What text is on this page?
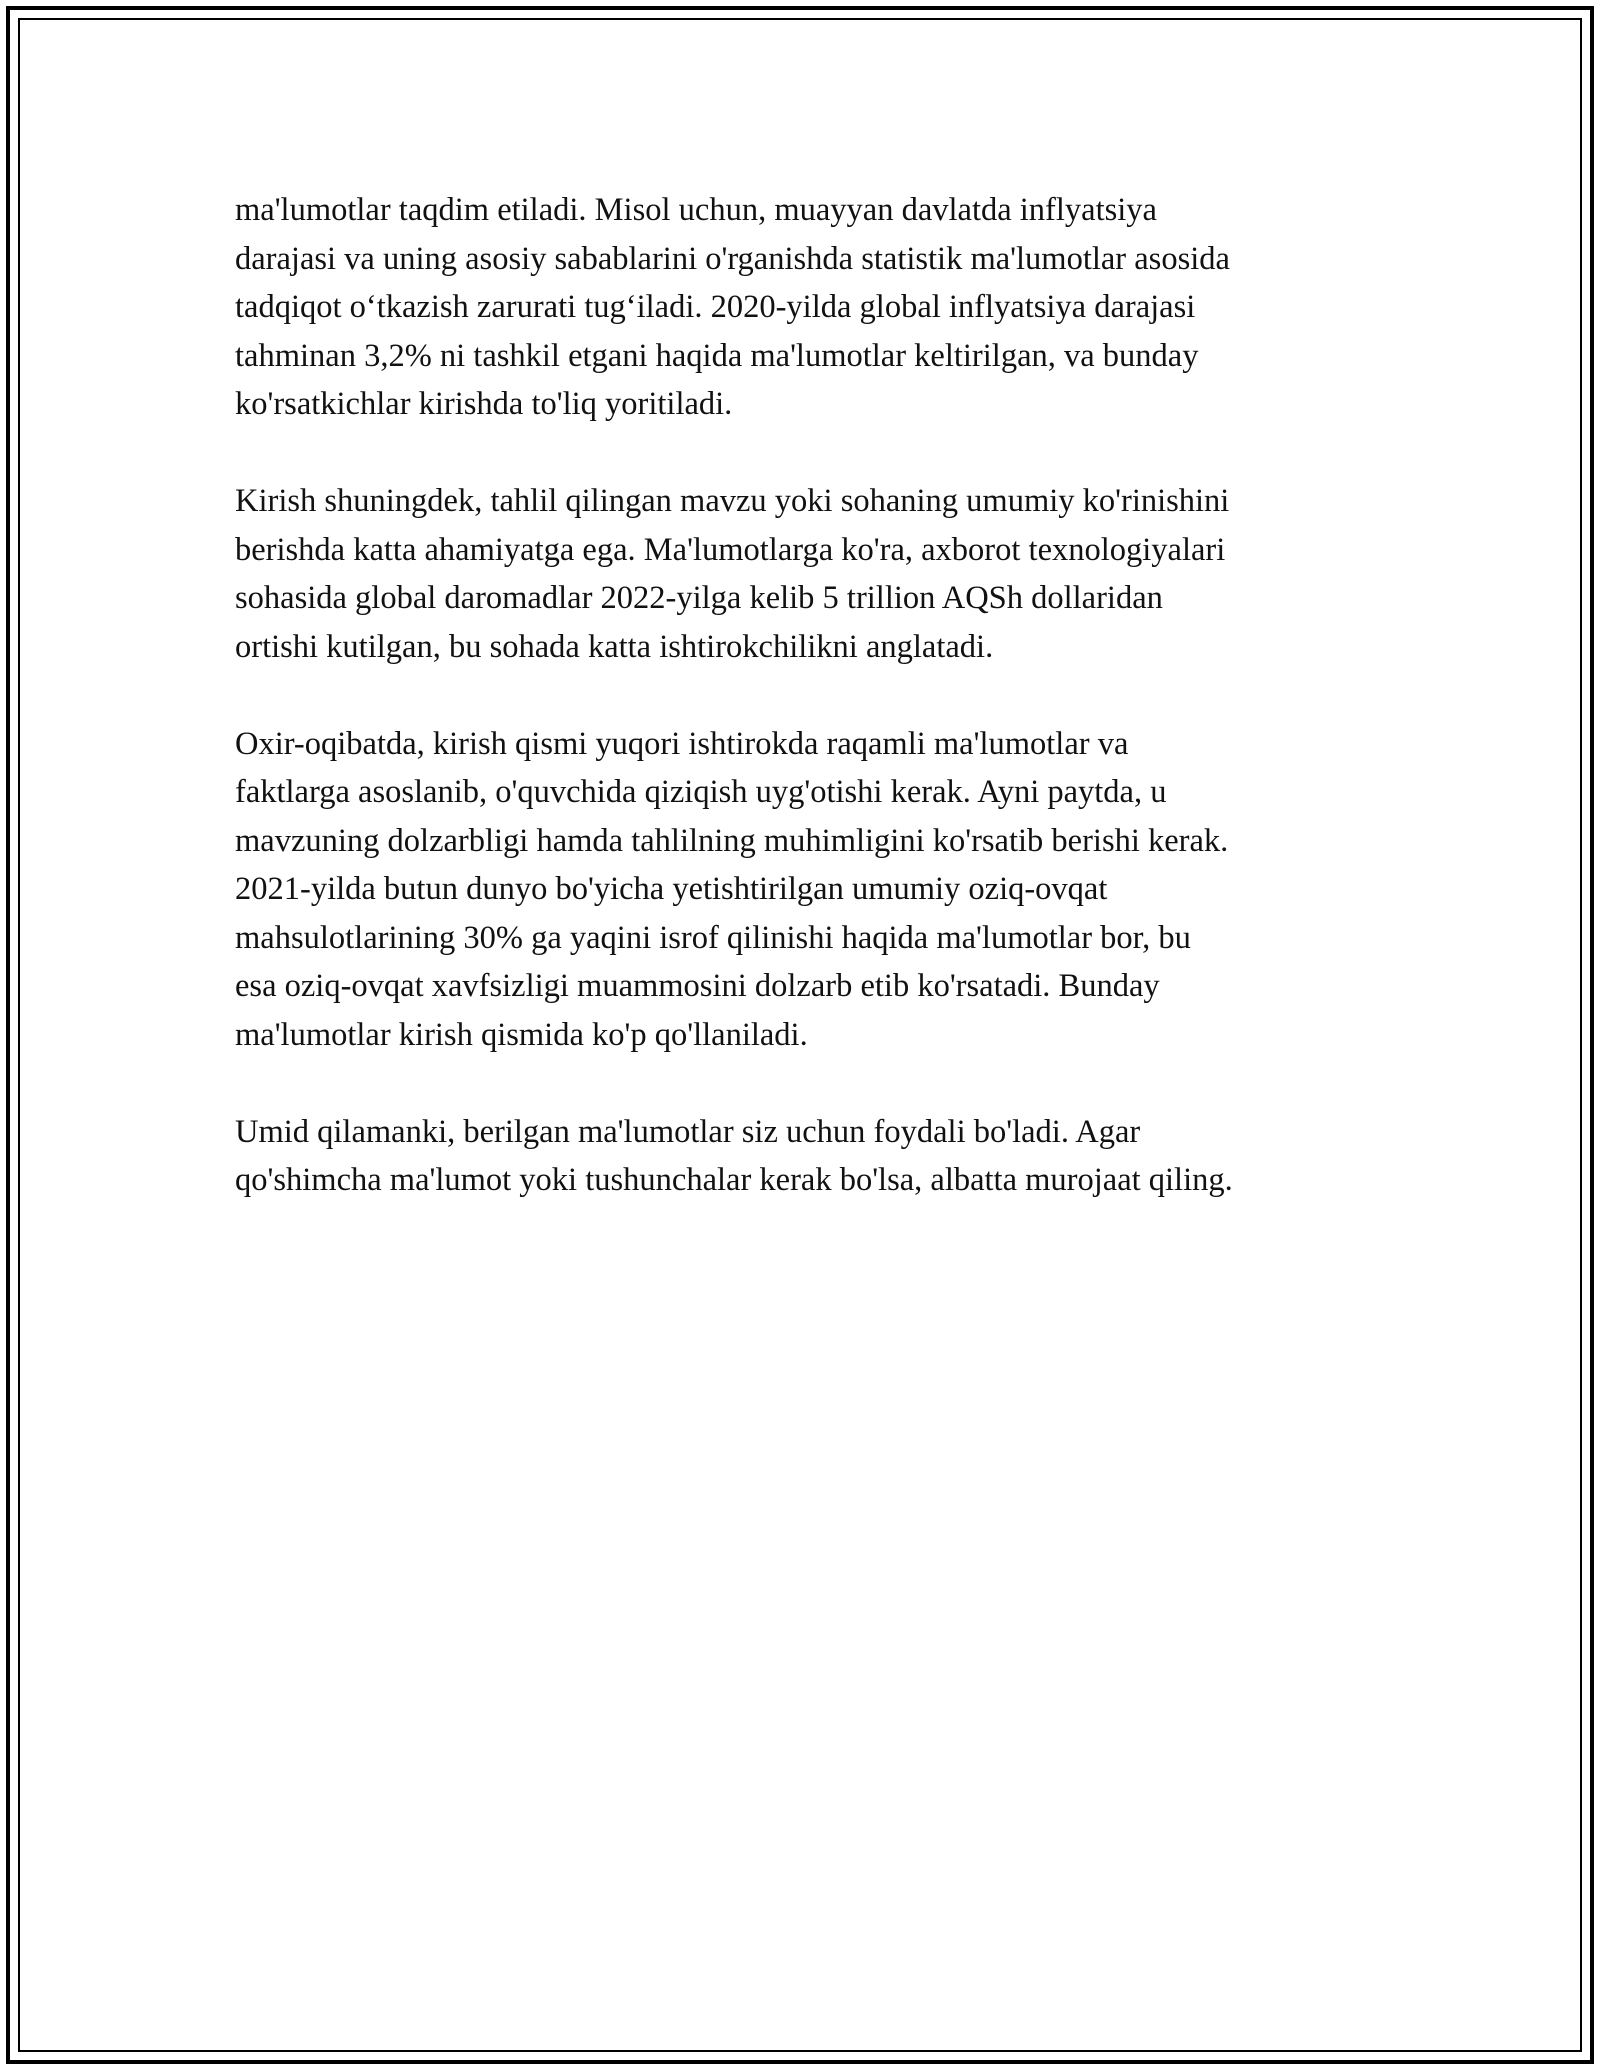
ma'lumotlar taqdim etiladi. Misol uchun, muayyan davlatda inflyatsiya
darajasi va uning asosiy sabablarini o'rganishda statistik ma'lumotlar asosida
tadqiqot o‘tkazish zarurati tug‘iladi. 2020-yilda global inflyatsiya darajasi
tahminan 3,2% ni tashkil etgani haqida ma'lumotlar keltirilgan, va bunday
ko'rsatkichlar kirishda to'liq yoritiladi.

Kirish shuningdek, tahlil qilingan mavzu yoki sohaning umumiy ko'rinishini
berishda katta ahamiyatga ega. Ma'lumotlarga ko'ra, axborot texnologiyalari
sohasida global daromadlar 2022-yilga kelib 5 trillion AQSh dollaridan
ortishi kutilgan, bu sohada katta ishtirokchilikni anglatadi.

Oxir-oqibatda, kirish qismi yuqori ishtirokda raqamli ma'lumotlar va
faktlarga asoslanib, o'quvchida qiziqish uyg'otishi kerak. Ayni paytda, u
mavzuning dolzarbligi hamda tahlilning muhimligini ko'rsatib berishi kerak.
2021-yilda butun dunyo bo'yicha yetishtirilgan umumiy oziq-ovqat
mahsulotlarining 30% ga yaqini isrof qilinishi haqida ma'lumotlar bor, bu
esa oziq-ovqat xavfsizligi muammosini dolzarb etib ko'rsatadi. Bunday
ma'lumotlar kirish qismida ko'p qo'llaniladi.

Umid qilamanki, berilgan ma'lumotlar siz uchun foydali bo'ladi. Agar
qo'shimcha ma'lumot yoki tushunchalar kerak bo'lsa, albatta murojaat qiling.
